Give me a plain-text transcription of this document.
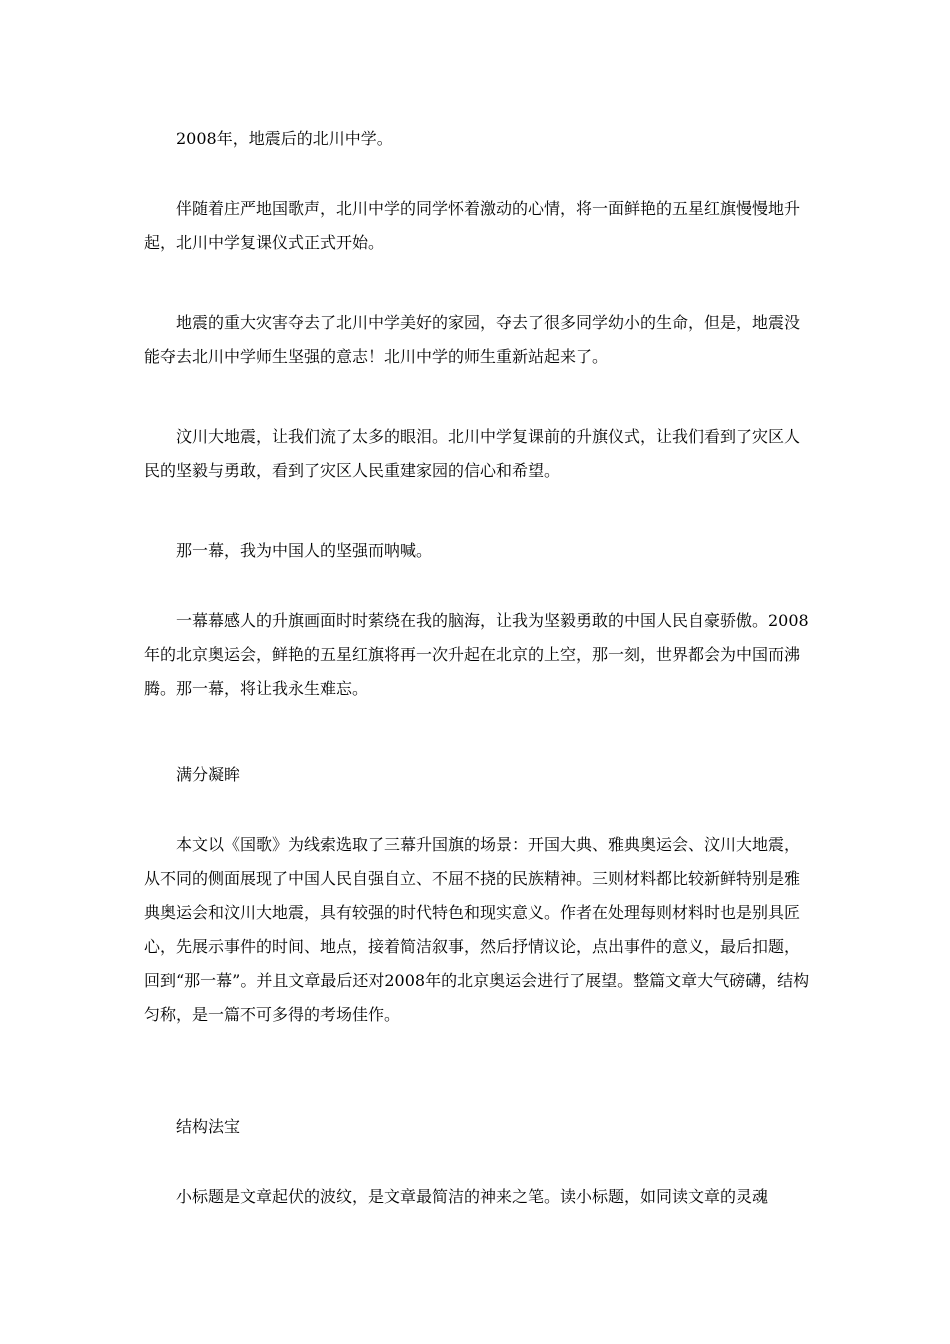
2008年，地震后的北川中学。

伴随着庄严地国歌声，北川中学的同学怀着激动的心情，将一面鲜艳的五星红旗慢慢地升起，北川中学复课仪式正式开始。

地震的重大灾害夺去了北川中学美好的家园，夺去了很多同学幼小的生命，但是，地震没能夺去北川中学师生坚强的意志！北川中学的师生重新站起来了。

汶川大地震，让我们流了太多的眼泪。北川中学复课前的升旗仪式，让我们看到了灾区人民的坚毅与勇敢，看到了灾区人民重建家园的信心和希望。

那一幕，我为中国人的坚强而呐喊。

一幕幕感人的升旗画面时时萦绕在我的脑海，让我为坚毅勇敢的中国人民自豪骄傲。2008年的北京奥运会，鲜艳的五星红旗将再一次升起在北京的上空，那一刻，世界都会为中国而沸腾。那一幕，将让我永生难忘。

满分凝眸

本文以《国歌》为线索选取了三幕升国旗的场景：开国大典、雅典奥运会、汶川大地震，从不同的侧面展现了中国人民自强自立、不屈不挠的民族精神。三则材料都比较新鲜特别是雅典奥运会和汶川大地震，具有较强的时代特色和现实意义。作者在处理每则材料时也是别具匠心，先展示事件的时间、地点，接着简洁叙事，然后抒情议论，点出事件的意义，最后扣题，回到“那一幕”。并且文章最后还对2008年的北京奥运会进行了展望。整篇文章大气磅礴，结构匀称，是一篇不可多得的考场佳作。

结构法宝

小标题是文章起伏的波纹，是文章最简洁的神来之笔。读小标题，如同读文章的灵魂
